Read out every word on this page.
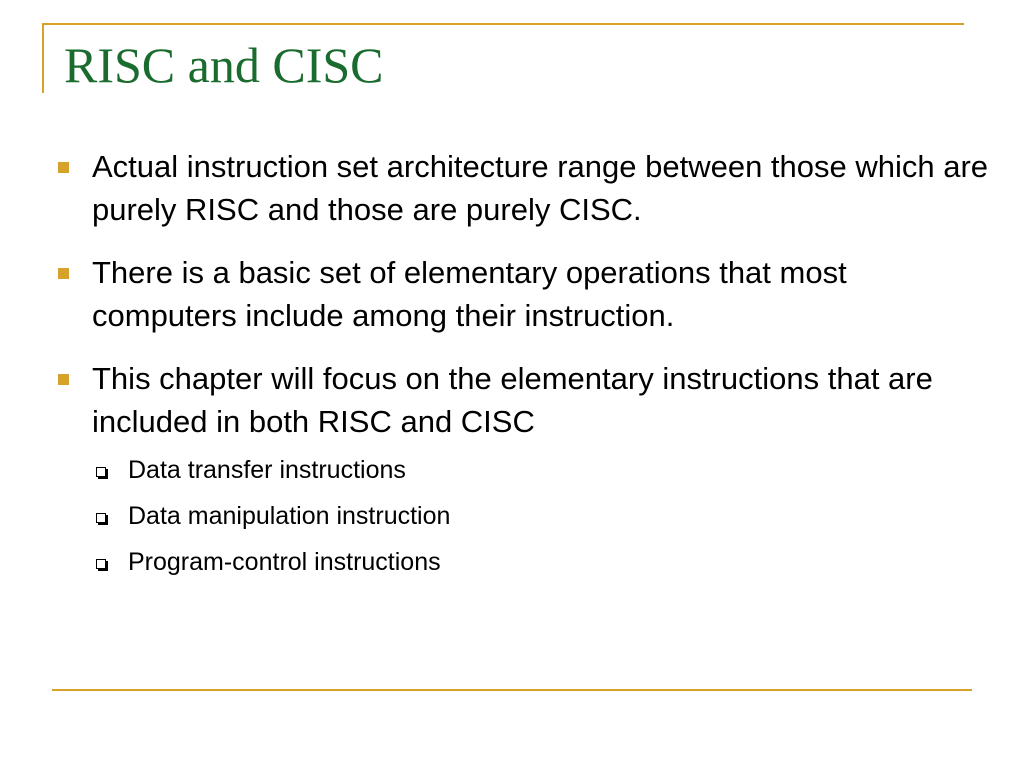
RISC and CISC
Actual instruction set architecture range between those which are purely RISC and those are purely CISC.
There is a basic set of elementary operations that most computers include among their instruction.
This chapter will focus on the elementary instructions that are included in both RISC and CISC
Data transfer instructions
Data manipulation instruction
Program-control instructions
